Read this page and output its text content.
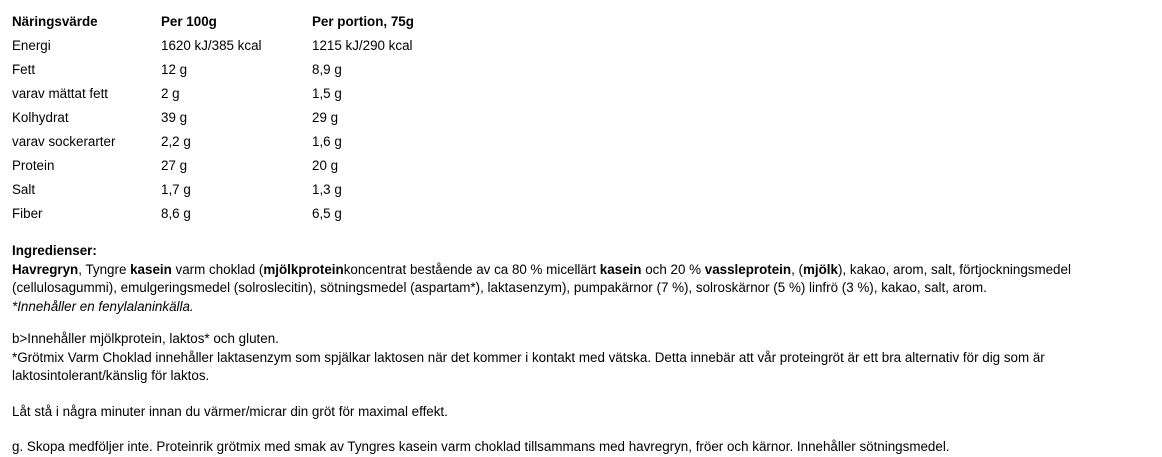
Näringsvärde	Per 100g	Per portion, 75g
Energi	1620 kJ/385 kcal	1215 kJ/290 kcal
Fett	12 g	8,9 g
varav mättat fett	2 g	1,5 g
Kolhydrat	39 g	29 g
varav sockerarter	2,2 g	1,6 g
Protein	27 g	20 g
Salt	1,7 g	1,3 g
Fiber	8,6 g	6,5 g
Ingredienser:
Havregryn, Tyngre kasein varm choklad (mjölkproteinkoncentrat bestående av ca 80 % micellärt kasein och 20 % vassleprotein, (mjölk), kakao, arom, salt, förtjockningsmedel (cellulosagummi), emulgeringsmedel (solroslecitin), sötningsmedel (aspartam*), laktasenzym), pumpakärnor (7 %), solroskärnor (5 %) linfrö (3 %), kakao, salt, arom.
*Innehåller en fenylalaninkälla.
b>Innehåller mjölkprotein, laktos* och gluten.
*Grötmix Varm Choklad innehåller laktasenzym som spjälkar laktosen när det kommer i kontakt med vätska. Detta innebär att vår proteingröt är ett bra alternativ för dig som är laktosintolerant/känslig för laktos.
Låt stå i några minuter innan du värmer/micrar din gröt för maximal effekt.
g. Skopa medföljer inte. Proteinrik grötmix med smak av Tyngres kasein varm choklad tillsammans med havregryn, fröer och kärnor. Innehåller sötningsmedel.
